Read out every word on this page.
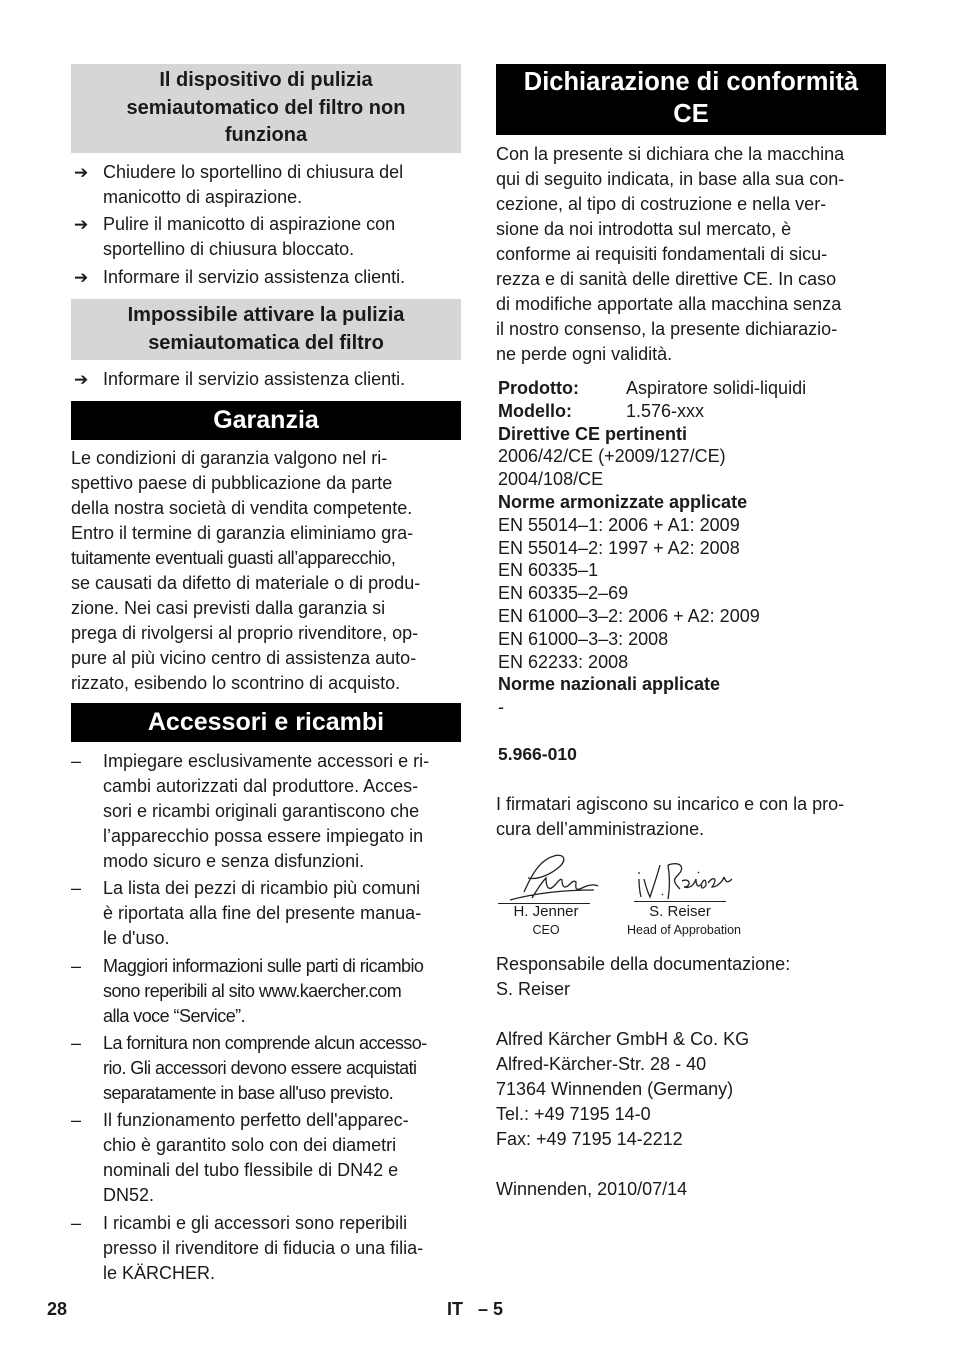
Il dispositivo di pulizia
semiautomatico del filtro non
funziona
➔ Chiudere lo sportellino di chiusura del
manicotto di aspirazione.
➔ Pulire il manicotto di aspirazione con
sportellino di chiusura bloccato.
➔ Informare il servizio assistenza clienti.
Impossibile attivare la pulizia
semiautomatica del filtro
➔ Informare il servizio assistenza clienti.
Garanzia
Le condizioni di garanzia valgono nel ri-
spettivo paese di pubblicazione da parte
della nostra società di vendita competente.
Entro il termine di garanzia eliminiamo gra-
tuitamente eventuali guasti all’apparecchio,
se causati da difetto di materiale o di produ-
zione. Nei casi previsti dalla garanzia si
prega di rivolgersi al proprio rivenditore, op-
pure al più vicino centro di assistenza auto-
rizzato, esibendo lo scontrino di acquisto.
Accessori e ricambi
– Impiegare esclusivamente accessori e ri-
cambi autorizzati dal produttore. Acces-
sori e ricambi originali garantiscono che
l’apparecchio possa essere impiegato in
modo sicuro e senza disfunzioni.
– La lista dei pezzi di ricambio più comuni
è riportata alla fine del presente manua-
le d'uso.
– Maggiori informazioni sulle parti di ricambio
sono reperibili al sito www.kaercher.com
alla voce “Service”.
– La fornitura non comprende alcun accesso-
rio. Gli accessori devono essere acquistati
separatamente in base all'uso previsto.
– Il funzionamento perfetto dell'apparec-
chio è garantito solo con dei diametri
nominali del tubo flessibile di DN42 e
DN52.
– I ricambi e gli accessori sono reperibili
presso il rivenditore di fiducia o una filia-
le KÄRCHER.
Dichiarazione di conformità
CE
Con la presente si dichiara che la macchina
qui di seguito indicata, in base alla sua con-
cezione, al tipo di costruzione e nella ver-
sione da noi introdotta sul mercato, è
conforme ai requisiti fondamentali di sicu-
rezza e di sanità delle direttive CE. In caso
di modifiche apportate alla macchina senza
il nostro consenso, la presente dichiarazio-
ne perde ogni validità.
Prodotto:	Aspiratore solidi-liquidi
Modello:	1.576-xxx
Direttive CE pertinenti
2006/42/CE (+2009/127/CE)
2004/108/CE
Norme armonizzate applicate
EN 55014–1: 2006 + A1: 2009
EN 55014–2: 1997 + A2: 2008
EN 60335–1
EN 60335–2–69
EN 61000–3–2: 2006 + A2: 2009
EN 61000–3–3: 2008
EN 62233: 2008
Norme nazionali applicate
-
5.966-010
I firmatari agiscono su incarico e con la pro-
cura dell’amministrazione.
H. Jenner
CEO
S. Reiser
Head of Approbation
Responsabile della documentazione:
S. Reiser
Alfred Kärcher GmbH & Co. KG
Alfred-Kärcher-Str. 28 - 40
71364 Winnenden (Germany)
Tel.: +49 7195 14-0
Fax: +49 7195 14-2212
Winnenden, 2010/07/14
28	IT   – 5
